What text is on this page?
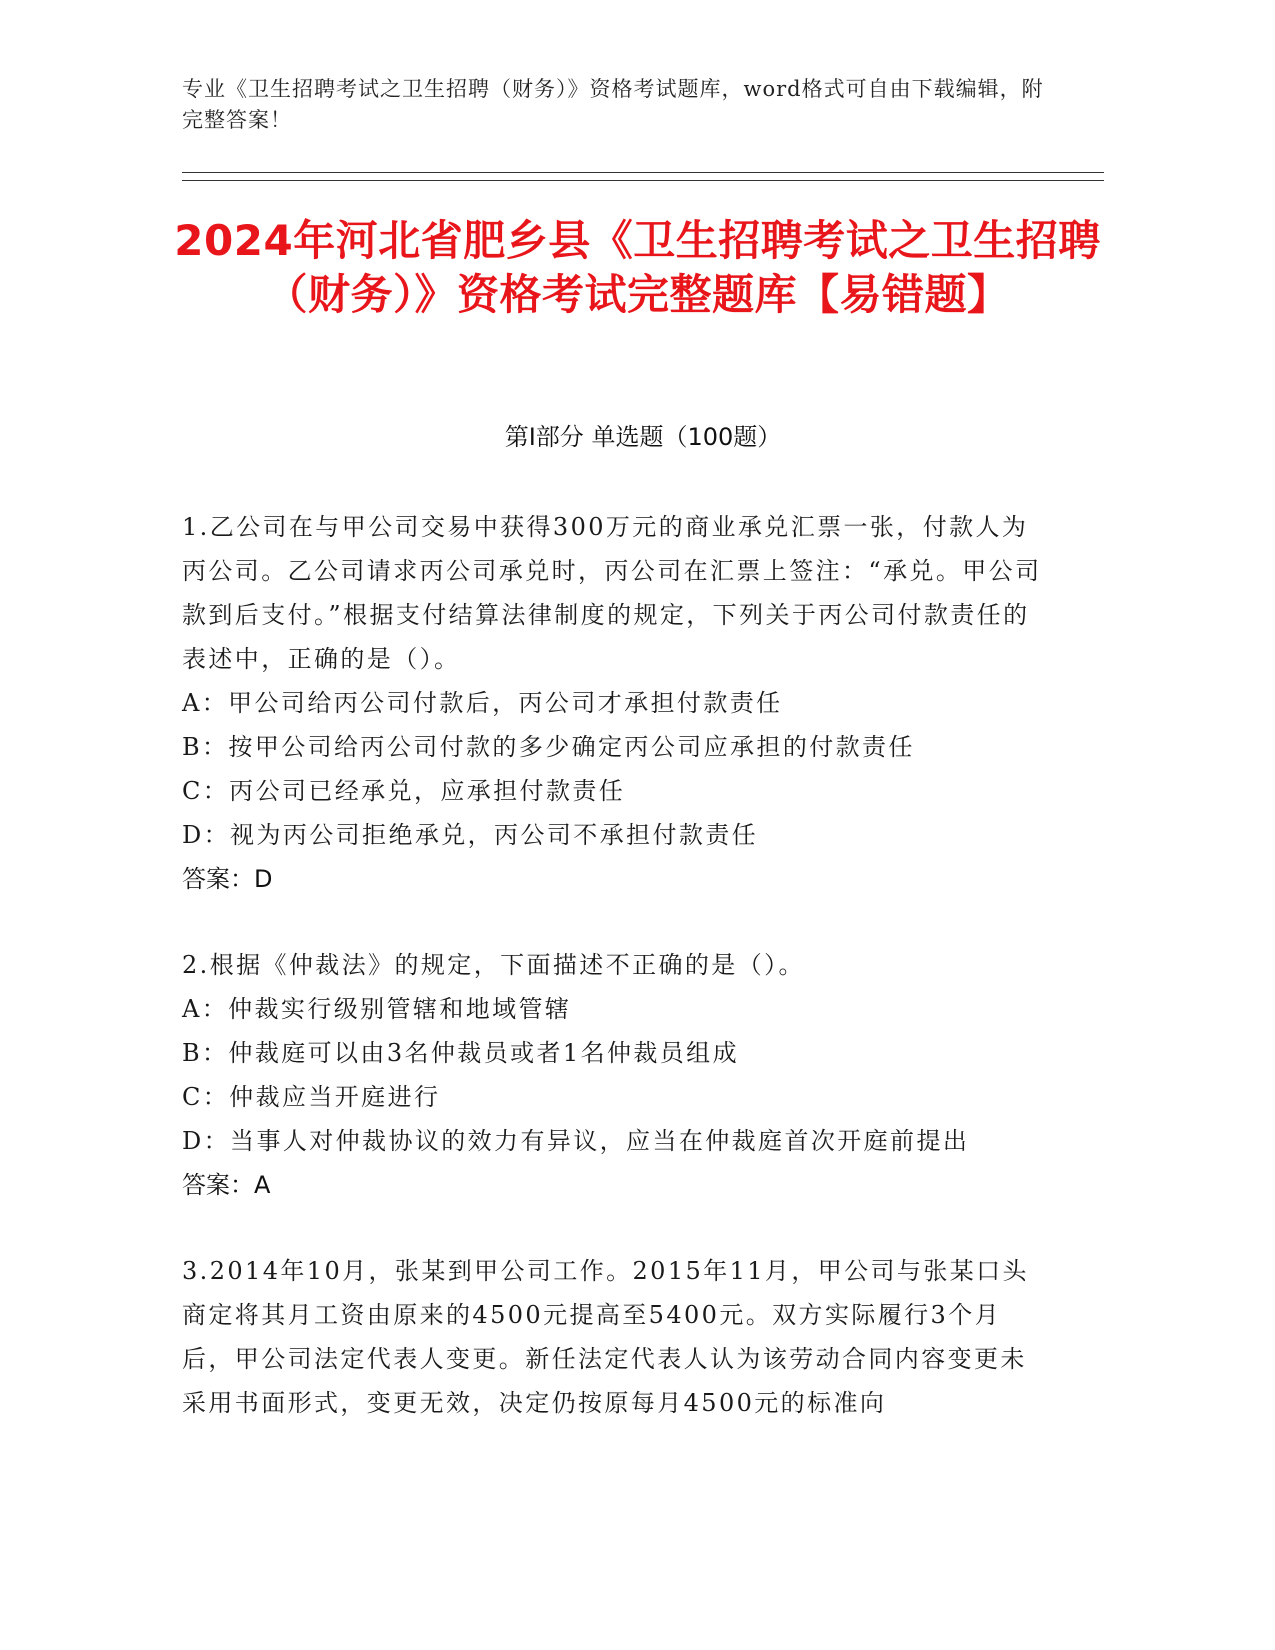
专业《卫生招聘考试之卫生招聘（财务）》资格考试题库，word格式可自由下载编辑，附完整答案！
2024年河北省肥乡县《卫生招聘考试之卫生招聘（财务）》资格考试完整题库【易错题】
第I部分 单选题（100题）

1.乙公司在与甲公司交易中获得300万元的商业承兑汇票一张，付款人为丙公司。乙公司请求丙公司承兑时，丙公司在汇票上签注：“承兑。甲公司款到后支付。”根据支付结算法律制度的规定，下列关于丙公司付款责任的表述中，正确的是（）。

A：甲公司给丙公司付款后，丙公司才承担付款责任

B：按甲公司给丙公司付款的多少确定丙公司应承担的付款责任

C：丙公司已经承兑，应承担付款责任

D：视为丙公司拒绝承兑，丙公司不承担付款责任

答案：D

2.根据《仲裁法》的规定，下面描述不正确的是（）。

A：仲裁实行级别管辖和地域管辖

B：仲裁庭可以由3名仲裁员或者1名仲裁员组成

C：仲裁应当开庭进行

D：当事人对仲裁协议的效力有异议，应当在仲裁庭首次开庭前提出

答案：A

3.2014年10月，张某到甲公司工作。2015年11月，甲公司与张某口头商定将其月工资由原来的4500元提高至5400元。双方实际履行3个月后，甲公司法定代表人变更。新任法定代表人认为该劳动合同内容变更未采用书面形式，变更无效，决定仍按原每月4500元的标准向
